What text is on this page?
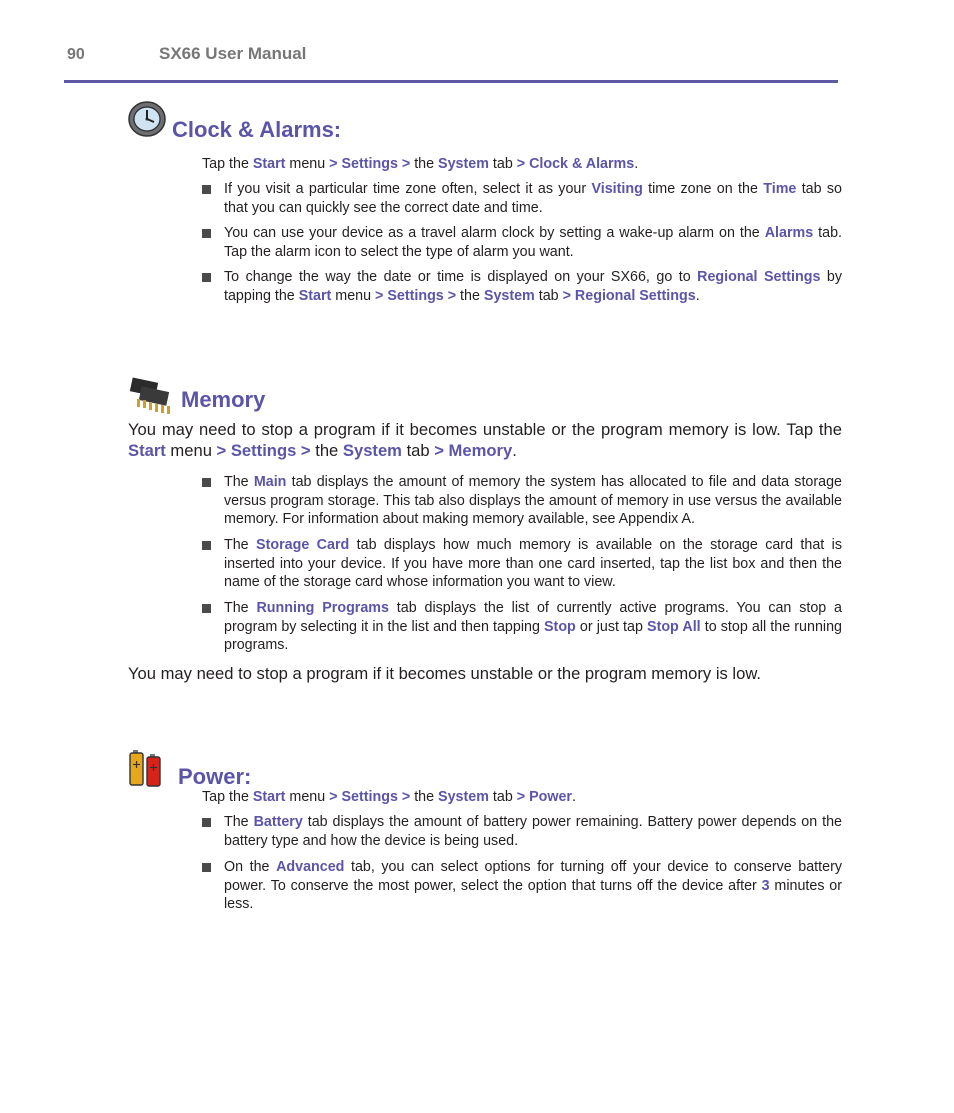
90	SX66 User Manual
Clock & Alarms:
Tap the Start menu > Settings > the System tab > Clock & Alarms.
If you visit a particular time zone often, select it as your Visiting time zone on the Time tab so that you can quickly see the correct date and time.
You can use your device as a travel alarm clock by setting a wake-up alarm on the Alarms tab. Tap the alarm icon to select the type of alarm you want.
To change the way the date or time is displayed on your SX66, go to Regional Settings by tapping the Start menu > Settings > the System tab > Regional Settings.
Memory
You may need to stop a program if it becomes unstable or the program memory is low. Tap the Start menu > Settings > the System tab > Memory.
The Main tab displays the amount of memory the system has allocated to file and data storage versus program storage. This tab also displays the amount of memory in use versus the available memory. For information about making memory available, see Appendix A.
The Storage Card tab displays how much memory is available on the storage card that is inserted into your device. If you have more than one card inserted, tap the list box and then the name of the storage card whose information you want to view.
The Running Programs tab displays the list of currently active programs. You can stop a program by selecting it in the list and then tapping Stop or just tap Stop All to stop all the running programs.
You may need to stop a program if it becomes unstable or the program memory is low.
Power:
Tap the Start menu > Settings > the System tab > Power.
The Battery tab displays the amount of battery power remaining. Battery power depends on the battery type and how the device is being used.
On the Advanced tab, you can select options for turning off your device to conserve battery power. To conserve the most power, select the option that turns off the device after 3 minutes or less.
